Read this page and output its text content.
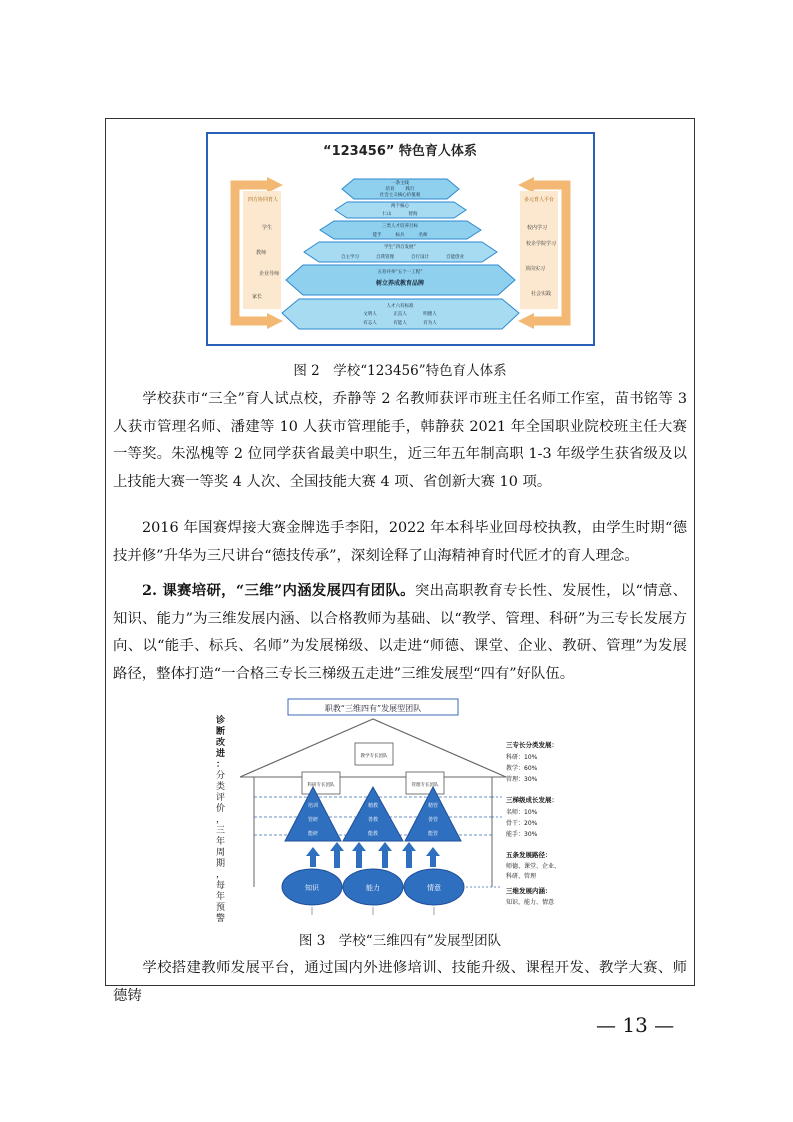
“123456” 特色育人体系
四方协同育人
学生
教师
企业导师
家长
多元育人平台
校内学习
校企学院学习
顶岗实习
社会实践
一条主线
培育 践行
社会主义核心价值观
两个核心
仁山	智海
三类人才培养目标
能手	标兵	名师
学生“四自发展”
自主学习	自我管理	自行设计	自能创业
五育并举“五个一工程”
树立养成教育品牌
人才六有标准
文明人	正直人	明德人
有志人	有能人	有为人
图 2　学校“123456”特色育人体系

学校获市“三全”育人试点校，乔静等 2 名教师获评市班主任名师工作室，苗书铭等 3 人获市管理名师、潘建等 10 人获市管理能手，韩静获 2021 年全国职业院校班主任大赛一等奖。朱泓槐等 2 位同学获省最美中职生，近三年五年制高职 1-3 年级学生获省级及以上技能大赛一等奖 4 人次、全国技能大赛 4 项、省创新大赛 10 项。

2016 年国赛焊接大赛金牌选手李阳，2022 年本科毕业回母校执教，由学生时期“德技并修”升华为三尺讲台“德技传承”，深刻诠释了山海精神育时代匠才的育人理念。

2. 课赛培研，“三维”内涵发展四有团队。突出高职教育专长性、发展性，以“情意、知识、能力”为三维发展内涵、以合格教师为基础、以“教学、管理、科研”为三专长发展方向、以“能手、标兵、名师”为发展梯级、以走进“师德、课堂、企业、教研、管理”为发展路径，整体打造“一合格三专长三梯级五走进”三维发展型“四有”好队伍。

职教“三维四有”发展型团队
诊
断
改
进
：
分
类
评
价
，
三
年
周
期
，
每
年
预
警
教学专长团队
科研专长团队	管理专长团队
培训
管研
能研
精教
善教
能教
精管
善管
能管
知识	能力	情意
三专长分类发展：
科研：10%
教学：60%
管理：30%
三梯级成长发展：
名师：10%
骨干：20%
能手：30%
五条发展路径：
师德、课堂、企业、
科研、管理
三维发展内涵：
知识、能力、情意
图 3　学校“三维四有”发展型团队

学校搭建教师发展平台，通过国内外进修培训、技能升级、课程开发、教学大赛、师德铸

— 13 —
